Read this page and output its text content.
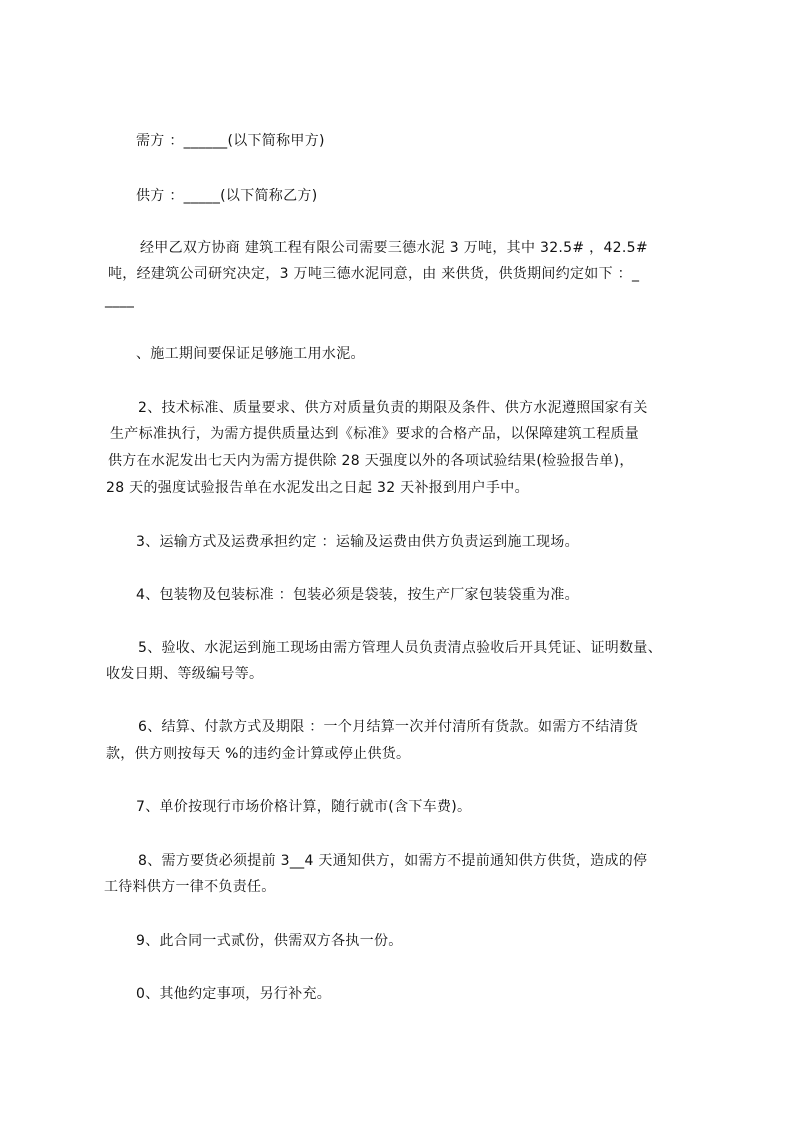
需方 ：______(以下简称甲方)
供方 ：_____(以下简称乙方)
经甲乙双方协商 建筑工程有限公司需要三德水泥 3 万吨，其中 32.5# ，42.5#
吨，经建筑公司研究决定，3 万吨三德水泥同意，由 来供货，供货期间约定如下 ：_
____
、施工期间要保证足够施工用水泥。
2、技术标准、质量要求、供方对质量负责的期限及条件、供方水泥遵照国家有关
生产标准执行，为需方提供质量达到《标准》要求的合格产品，以保障建筑工程质量
供方在水泥发出七天内为需方提供除 28 天强度以外的各项试验结果(检验报告单)，
28 天的强度试验报告单在水泥发出之日起 32 天补报到用户手中。
3、运输方式及运费承担约定 ：运输及运费由供方负责运到施工现场。
4、包装物及包装标准 ：包装必须是袋装，按生产厂家包装袋重为准。
5、验收、水泥运到施工现场由需方管理人员负责清点验收后开具凭证、证明数量、
收发日期、等级编号等。
6、结算、付款方式及期限 ：一个月结算一次并付清所有货款。如需方不结清货
款，供方则按每天 %的违约金计算或停止供货。
7、单价按现行市场价格计算，随行就市(含下车费)。
8、需方要货必须提前 3__4 天通知供方，如需方不提前通知供方供货，造成的停
工待料供方一律不负责任。
9、此合同一式贰份，供需双方各执一份。
0、其他约定事项，另行补充。
